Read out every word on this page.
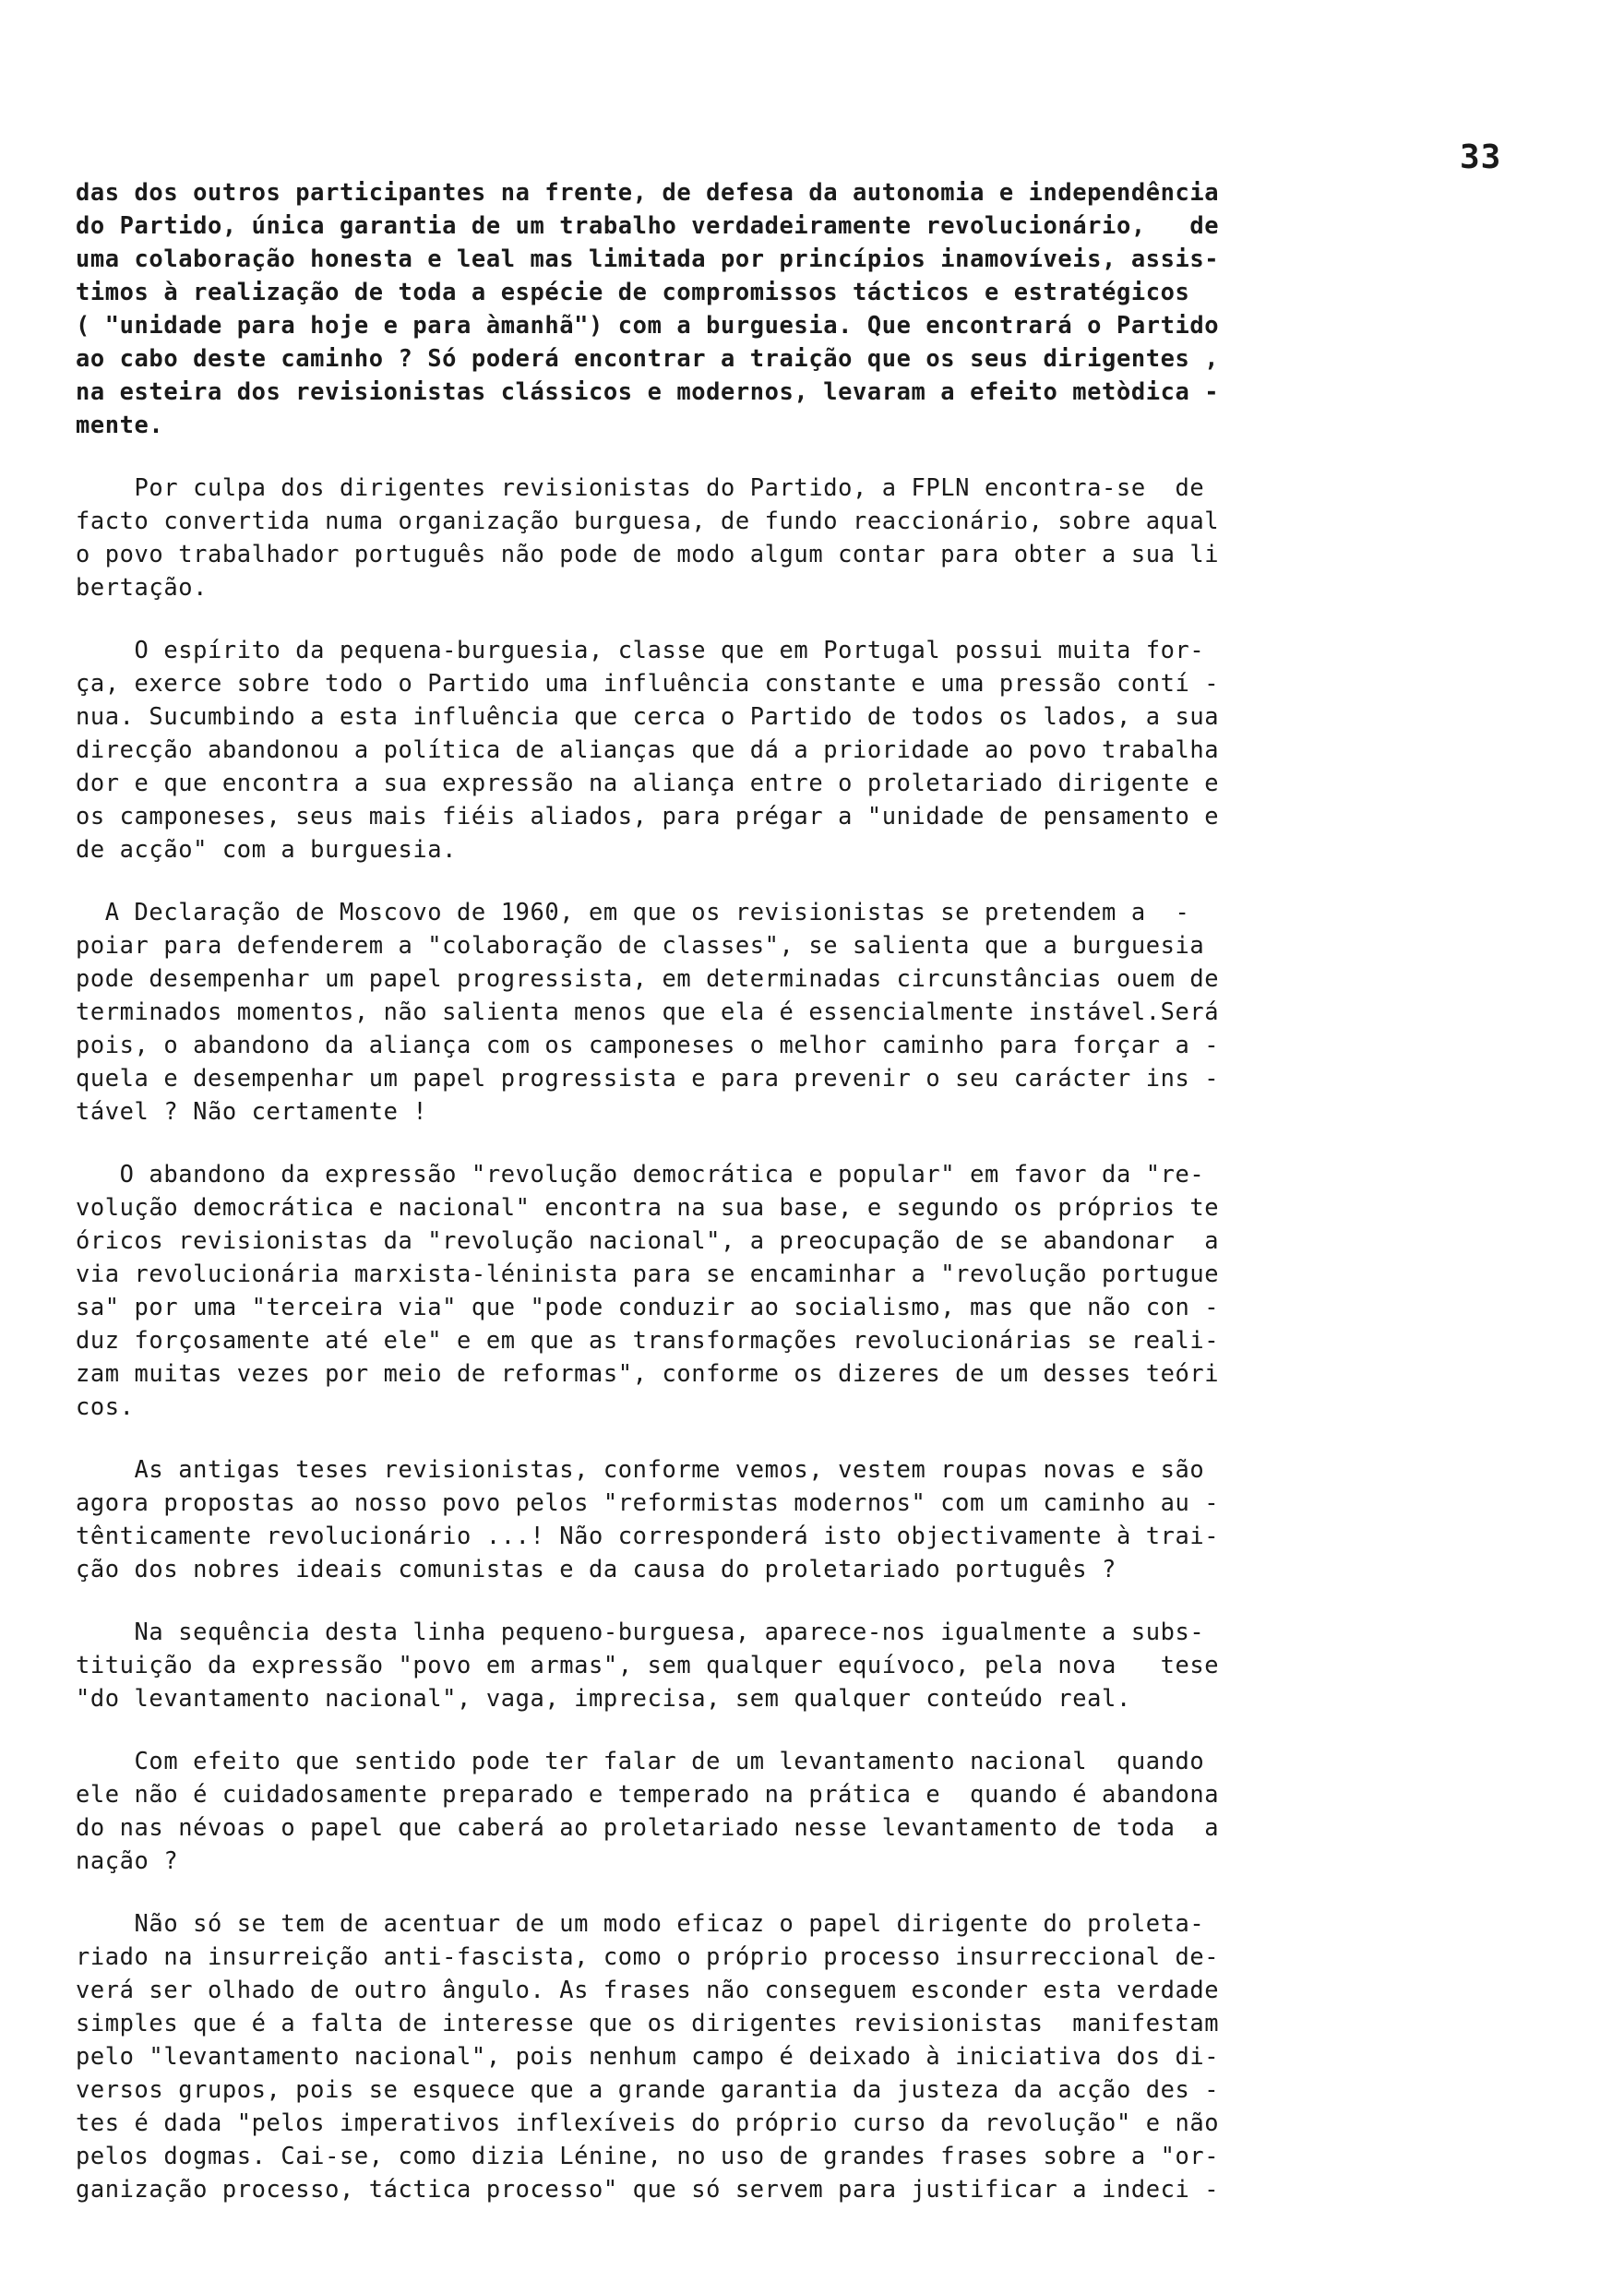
33
das dos outros participantes na frente, de defesa da autonomia e independência
do Partido, única garantia de um trabalho verdadeiramente revolucionário,   de
uma colaboração honesta e leal mas limitada por princípios inamovíveis, assis-
timos à realização de toda a espécie de compromissos tácticos e estratégicos
( "unidade para hoje e para àmanhã") com a burguesia. Que encontrará o Partido
ao cabo deste caminho ? Só poderá encontrar a traição que os seus dirigentes ,
na esteira dos revisionistas clássicos e modernos, levaram a efeito metòdica -
mente.
Por culpa dos dirigentes revisionistas do Partido, a FPLN encontra-se  de
facto convertida numa organização burguesa, de fundo reaccionário, sobre aqual
o povo trabalhador português não pode de modo algum contar para obter a sua li
bertação.
O espírito da pequena-burguesia, classe que em Portugal possui muita for-
ça, exerce sobre todo o Partido uma influência constante e uma pressão contí -
nua. Sucumbindo a esta influência que cerca o Partido de todos os lados, a sua
direcção abandonou a política de alianças que dá a prioridade ao povo trabalha
dor e que encontra a sua expressão na aliança entre o proletariado dirigente e
os camponeses, seus mais fiéis aliados, para prégar a "unidade de pensamento e
de acção" com a burguesia.
A Declaração de Moscovo de 1960, em que os revisionistas se pretendem a  -
poiar para defenderem a "colaboração de classes", se salienta que a burguesia
pode desempenhar um papel progressista, em determinadas circunstâncias ouem de
terminados momentos, não salienta menos que ela é essencialmente instável.Será
pois, o abandono da aliança com os camponeses o melhor caminho para forçar a -
quela e desempenhar um papel progressista e para prevenir o seu carácter ins -
tável ? Não certamente !
O abandono da expressão "revolução democrática e popular" em favor da "re-
volução democrática e nacional" encontra na sua base, e segundo os próprios te
óricos revisionistas da "revolução nacional", a preocupação de se abandonar  a
via revolucionária marxista-léninista para se encaminhar a "revolução portugue
sa" por uma "terceira via" que "pode conduzir ao socialismo, mas que não con -
duz forçosamente até ele" e em que as transformações revolucionárias se reali-
zam muitas vezes por meio de reformas", conforme os dizeres de um desses teóri
cos.
As antigas teses revisionistas, conforme vemos, vestem roupas novas e são
agora propostas ao nosso povo pelos "reformistas modernos" com um caminho au -
tênticamente revolucionário ...! Não corresponderá isto objectivamente à trai-
ção dos nobres ideais comunistas e da causa do proletariado português ?
Na sequência desta linha pequeno-burguesa, aparece-nos igualmente a subs-
tituição da expressão "povo em armas", sem qualquer equívoco, pela nova   tese
"do levantamento nacional", vaga, imprecisa, sem qualquer conteúdo real.
Com efeito que sentido pode ter falar de um levantamento nacional  quando
ele não é cuidadosamente preparado e temperado na prática e  quando é abandona
do nas névoas o papel que caberá ao proletariado nesse levantamento de toda  a
nação ?
Não só se tem de acentuar de um modo eficaz o papel dirigente do proleta-
riado na insurreição anti-fascista, como o próprio processo insurreccional de-
verá ser olhado de outro ângulo. As frases não conseguem esconder esta verdade
simples que é a falta de interesse que os dirigentes revisionistas  manifestam
pelo "levantamento nacional", pois nenhum campo é deixado à iniciativa dos di-
versos grupos, pois se esquece que a grande garantia da justeza da acção des -
tes é dada "pelos imperativos inflexíveis do próprio curso da revolução" e não
pelos dogmas. Cai-se, como dizia Lénine, no uso de grandes frases sobre a "or-
ganização processo, táctica processo" que só servem para justificar a indeci -
